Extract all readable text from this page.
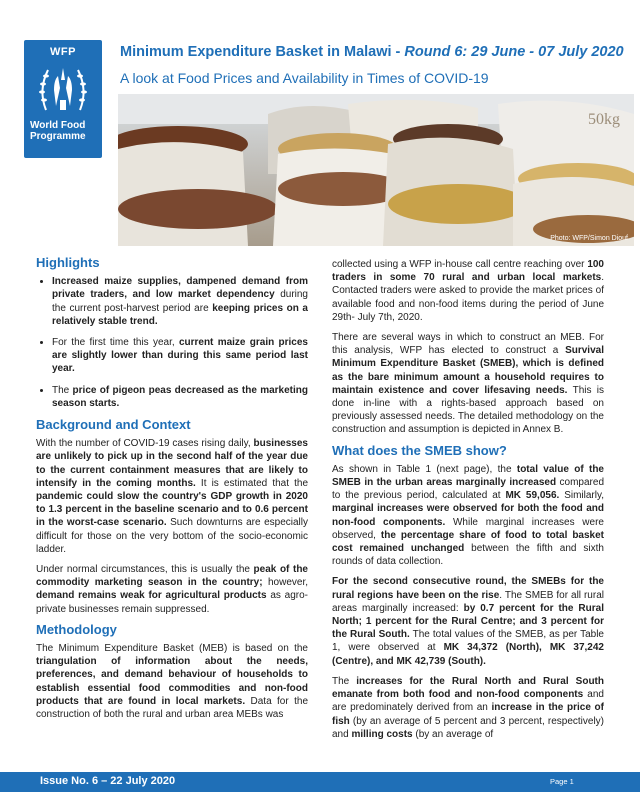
WFP
World Food Programme
Minimum Expenditure Basket in Malawi - Round 6: 29 June - 07 July 2020
A look at Food Prices and Availability in Times of COVID-19
50kg
Photo: WFP/Simon Diouf
Highlights
• Increased maize supplies, dampened demand from private traders, and low market dependency during the current post-harvest period are keeping prices on a relatively stable trend.
• For the first time this year, current maize grain prices are slightly lower than during this same period last year.
• The price of pigeon peas decreased as the marketing season starts.
Background and Context

With the number of COVID-19 cases rising daily, businesses are unlikely to pick up in the second half of the year due to the current containment measures that are likely to intensify in the coming months. It is estimated that the pandemic could slow the country's GDP growth in 2020 to 1.3 percent in the baseline scenario and to 0.6 percent in the worst-case scenario. Such downturns are especially difficult for those on the very bottom of the socio-economic ladder.

Under normal circumstances, this is usually the peak of the commodity marketing season in the country; however, demand remains weak for agricultural products as agro-private businesses remain suppressed.

Methodology

The Minimum Expenditure Basket (MEB) is based on the triangulation of information about the needs, preferences, and demand behaviour of households to establish essential food commodities and non-food products that are found in local markets. Data for the construction of both the rural and urban area MEBs was

collected using a WFP in-house call centre reaching over 100 traders in some 70 rural and urban local markets. Contacted traders were asked to provide the market prices of available food and non-food items during the period of June 29th- July 7th, 2020.

There are several ways in which to construct an MEB. For this analysis, WFP has elected to construct a Survival Minimum Expenditure Basket (SMEB), which is defined as the bare minimum amount a household requires to maintain existence and cover lifesaving needs. This is done in-line with a rights-based approach based on previously assessed needs. The detailed methodology on the construction and assumption is depicted in Annex B.

What does the SMEB show?

As shown in Table 1 (next page), the total value of the SMEB in the urban areas marginally increased compared to the previous period, calculated at MK 59,056. Similarly, marginal increases were observed for both the food and non-food components. While marginal increases were observed, the percentage share of food to total basket cost remained unchanged between the fifth and sixth rounds of data collection.

For the second consecutive round, the SMEBs for the rural regions have been on the rise. The SMEB for all rural areas marginally increased: by 0.7 percent for the Rural North; 1 percent for the Rural Centre; and 3 percent for the Rural South. The total values of the SMEB, as per Table 1, were observed at MK 34,372 (North), MK 37,242 (Centre), and MK 42,739 (South).

The increases for the Rural North and Rural South emanate from both food and non-food components and are predominately derived from an increase in the price of fish (by an average of 5 percent and 3 percent, respectively) and milling costs (by an average of

Issue No. 6 – 22 July 2020	Page 1
